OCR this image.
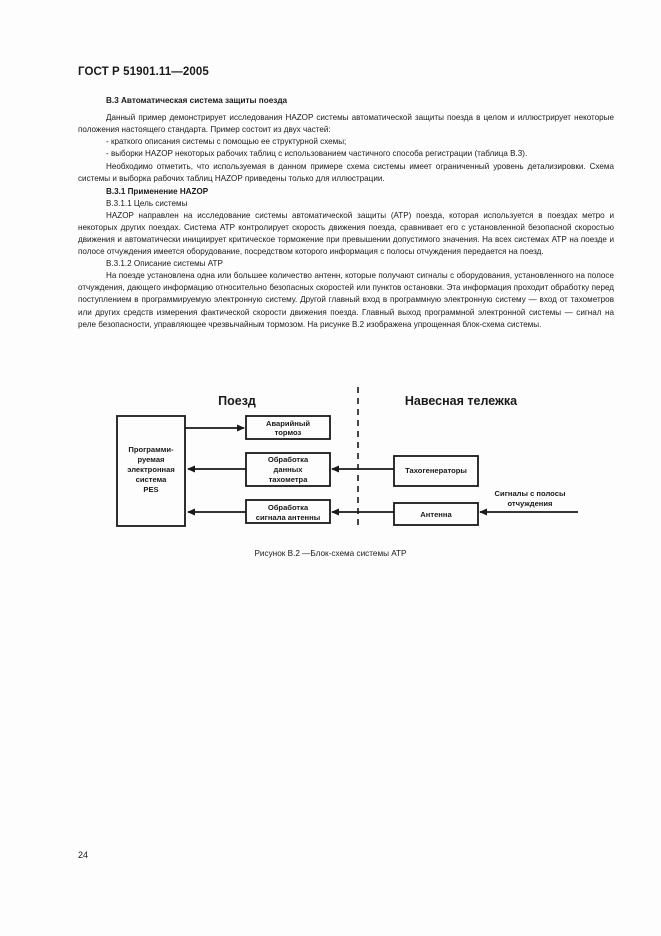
ГОСТ Р 51901.11—2005
В.3 Автоматическая система защиты поезда

Данный пример демонстрирует исследования HAZOP системы автоматической защиты поезда в целом и иллюстрирует некоторые положения настоящего стандарта. Пример состоит из двух частей:

- краткого описания системы с помощью ее структурной схемы;

- выборки HAZOP некоторых рабочих таблиц с использованием частичного способа регистрации (таблица В.3).

Необходимо отметить, что используемая в данном примере схема системы имеет ограниченный уровень детализировки. Схема системы и выборка рабочих таблиц HAZOP приведены только для иллюстрации.

В.3.1 Применение HAZOP

В.3.1.1 Цель системы

HAZOP направлен на исследование системы автоматической защиты (АТР) поезда, которая используется в поездах метро и некоторых других поездах. Система АТР контролирует скорость движения поезда, сравнивает его с установленной безопасной скоростью движения и автоматически инициирует критическое торможение при превышении допустимого значения. На всех системах АТР на поезде и полосе отчуждения имеется оборудование, посредством которого информация с полосы отчуждения передается на поезд.

В.3.1.2 Описание системы АТР

На поезде установлена одна или большее количество антенн, которые получают сигналы с оборудования, установленного на полосе отчуждения, дающего информацию относительно безопасных скоростей или пунктов остановки. Эта информация проходит обработку перед поступлением в программируемую электронную систему. Другой главный вход в программную электронную систему — вход от тахометров или других средств измерения фактической скорости движения поезда. Главный выход программной электронной системы — сигнал на реле безопасности, управляющее чрезвычайным тормозом. На рисунке В.2 изображена упрощенная блок-схема системы.

Поезд	Навесная тележка
Программи-
руемая
электронная
система
PES
Аварийный
тормоз
Обработка
данных
тахометра
Обработка
сигнала антенны
Тахогенераторы
Антенна
Сигналы с полосы
отчуждения
Рисунок В.2 —Блок-схема системы АТР
24
